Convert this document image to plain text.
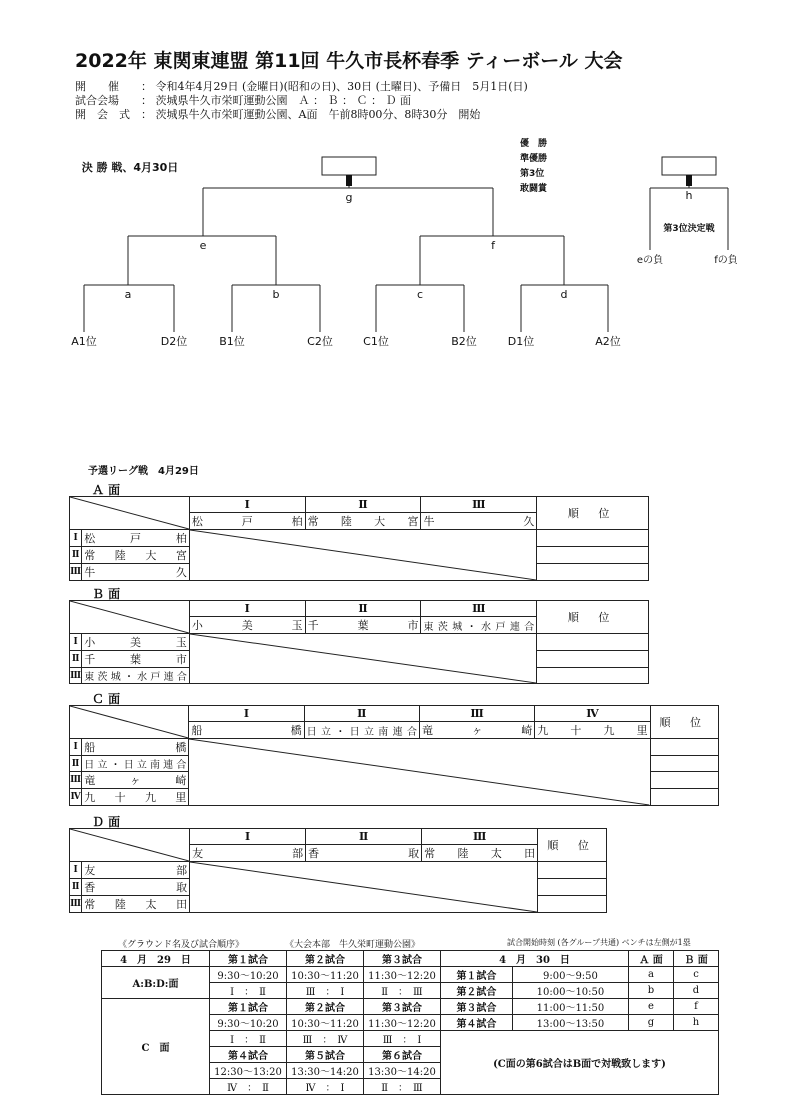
2022年 東関東連盟 第11回 牛久市長杯春季 ティーボール 大会
開　　催 ： 令和4年4月29日 (金曜日)(昭和の日)、30日 (土曜日)、予備日　5月1日(日)
試合会場 ： 茨城県牛久市栄町運動公園　Ａ ： Ｂ ： Ｃ ： Ｄ 面
開　会　式 ： 茨城県牛久市栄町運動公園、A面　午前8時00分、8時30分　開始
優　勝
準優勝
第3位
敢闘賞
決 勝 戦、4月30日
g
e	f
a	b	c	d
h
A1位	D2位	B1位	C2位	C1位	B2位	D1位	A2位
第3位決定戦
eの負	fの負
予選リーグ戦　4月29日
Ａ 面
	Ⅰ	Ⅱ	Ⅲ	順 位
		松　戸　柏	常　陸　大　宮	牛　　久	
Ⅰ	松　戸　柏	

Ⅱ	常　陸　大　宮				
Ⅲ	牛　　久				
Ｂ 面
	Ⅰ	Ⅱ	Ⅲ	順 位
		小　美　玉	千　葉　市	東茨城・水戸連合	
Ⅰ	小　美　玉	

Ⅱ	千　葉　市				
Ⅲ	東茨城・水戸連合				
Ｃ 面
	Ⅰ	Ⅱ	Ⅲ	Ⅳ	順 位
		船　　橋	日立・日立南連合	竜　ヶ　崎	九　十　九　里	
Ⅰ	船　　橋	

Ⅱ	日立・日立南連合					
Ⅲ	竜　ヶ　崎					
Ⅳ	九　十　九　里					
Ｄ 面
	Ⅰ	Ⅱ	Ⅲ	順 位
		友　　部	香　　取	常　陸　太　田	
Ⅰ	友　　部	

Ⅱ	香　　取				
Ⅲ	常　陸　太　田				
《グラウンド名及び試合順序》	《大会本部　牛久栄町運動公園》	試合開始時刻 (各グループ共通) ベンチは左側が1塁
4　月　29　日	第１試合	第２試合	第３試合	4　月　30　日		Ａ 面	Ｂ 面
A:B:D:面	9:30〜10:20	10:30〜11:20	11:30〜12:20	第１試合	9:00〜9:50	a	c
	Ⅰ　：　Ⅱ	Ⅲ　：　Ⅰ	Ⅱ　：　Ⅲ	第２試合	10:00〜10:50	b	d
C　面	第１試合	第２試合	第３試合	第３試合	11:00〜11:50	e	f
	9:30〜10:20	10:30〜11:20	11:30〜12:20	第４試合	13:00〜13:50	g	h
	Ⅰ　：　Ⅱ	Ⅲ　：　Ⅳ	Ⅲ　：　Ⅰ	(C面の第6試合はB面で対戦致します)			
	第４試合	第５試合	第６試合				
	12:30〜13:20	13:30〜14:20	13:30〜14:20				
	Ⅳ　：　Ⅱ	Ⅳ　：　Ⅰ	Ⅱ　：　Ⅲ				
